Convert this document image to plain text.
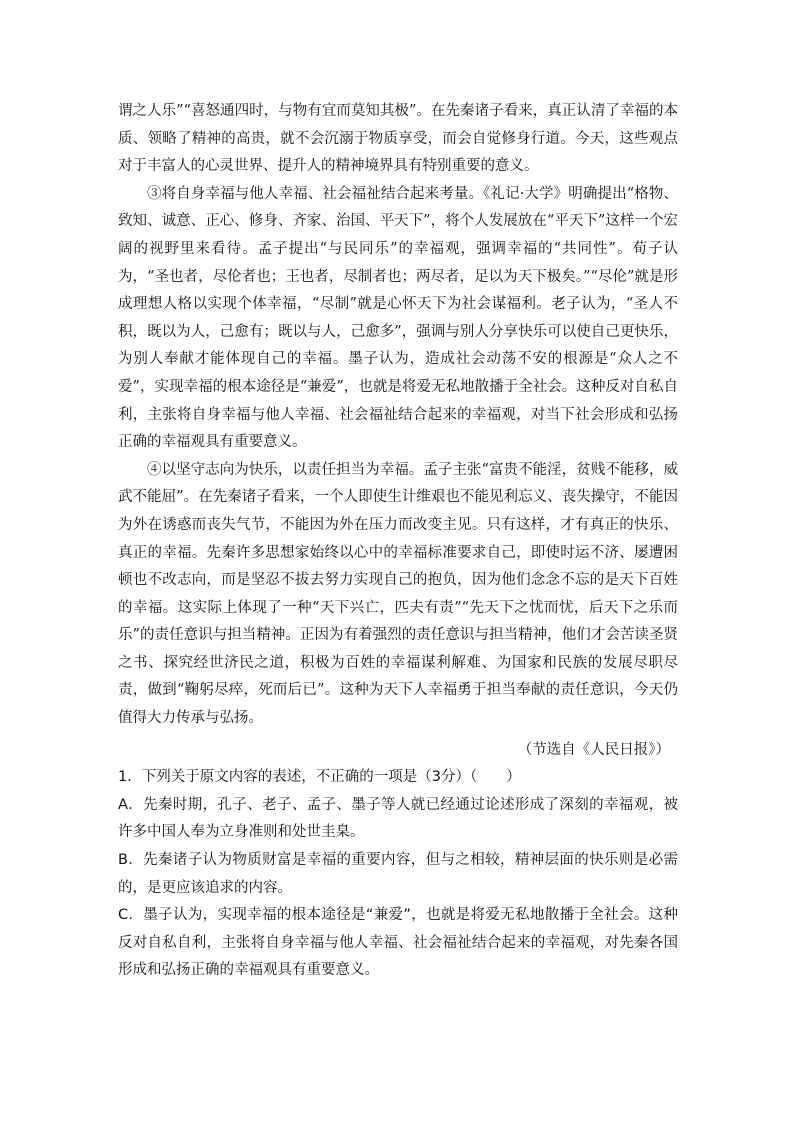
谓之人乐”“喜怒通四时，与物有宜而莫知其极”。在先秦诸子看来，真正认清了幸福的本质、领略了精神的高贵，就不会沉溺于物质享受，而会自觉修身行道。今天，这些观点对于丰富人的心灵世界、提升人的精神境界具有特别重要的意义。

③将自身幸福与他人幸福、社会福祉结合起来考量。《礼记·大学》明确提出“格物、致知、诚意、正心、修身、齐家、治国、平天下”，将个人发展放在“平天下”这样一个宏阔的视野里来看待。孟子提出“与民同乐”的幸福观，强调幸福的“共同性”。荀子认为，“圣也者，尽伦者也；王也者，尽制者也；两尽者，足以为天下极矣。”“尽伦”就是形成理想人格以实现个体幸福，“尽制”就是心怀天下为社会谋福利。老子认为，“圣人不积，既以为人，己愈有；既以与人，己愈多”，强调与别人分享快乐可以使自己更快乐，为别人奉献才能体现自己的幸福。墨子认为，造成社会动荡不安的根源是“众人之不爱”，实现幸福的根本途径是“兼爱”，也就是将爱无私地散播于全社会。这种反对自私自利，主张将自身幸福与他人幸福、社会福祉结合起来的幸福观，对当下社会形成和弘扬正确的幸福观具有重要意义。

④以坚守志向为快乐，以责任担当为幸福。孟子主张“富贵不能淫，贫贱不能移，威武不能屈”。在先秦诸子看来，一个人即使生计维艰也不能见利忘义、丧失操守，不能因为外在诱惑而丧失气节，不能因为外在压力而改变主见。只有这样，才有真正的快乐、真正的幸福。先秦许多思想家始终以心中的幸福标准要求自己，即使时运不济、屡遭困顿也不改志向，而是坚忍不拔去努力实现自己的抱负，因为他们念念不忘的是天下百姓的幸福。这实际上体现了一种“天下兴亡，匹夫有责”“先天下之忧而忧，后天下之乐而乐”的责任意识与担当精神。正因为有着强烈的责任意识与担当精神，他们才会苦读圣贤之书、探究经世济民之道，积极为百姓的幸福谋利解难、为国家和民族的发展尽职尽责，做到“鞠躬尽瘁，死而后已”。这种为天下人幸福勇于担当奉献的责任意识，今天仍值得大力传承与弘扬。

（节选自《人民日报》）

1．下列关于原文内容的表述，不正确的一项是（3分）（　　）

A．先秦时期，孔子、老子、孟子、墨子等人就已经通过论述形成了深刻的幸福观，被许多中国人奉为立身准则和处世圭臬。

B．先秦诸子认为物质财富是幸福的重要内容，但与之相较，精神层面的快乐则是必需的，是更应该追求的内容。

C．墨子认为，实现幸福的根本途径是“兼爱”，也就是将爱无私地散播于全社会。这种反对自私自利，主张将自身幸福与他人幸福、社会福祉结合起来的幸福观，对先秦各国形成和弘扬正确的幸福观具有重要意义。
